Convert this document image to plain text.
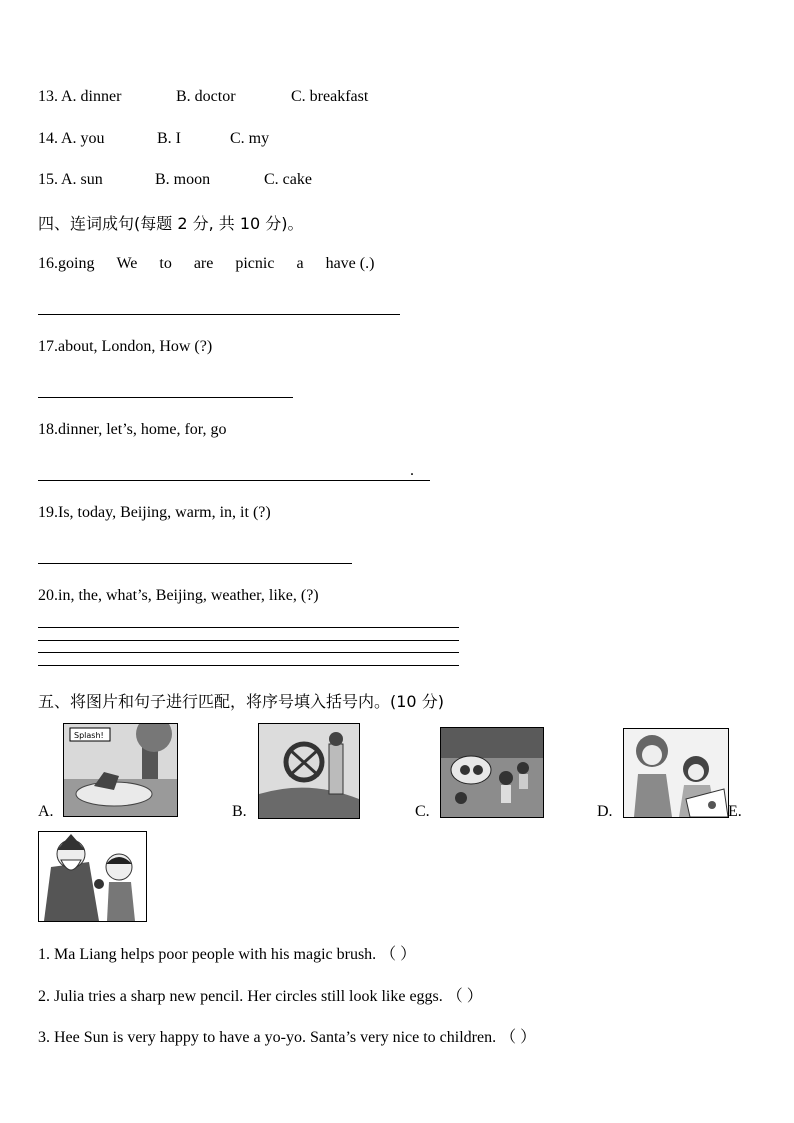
13. A. dinner	B. doctor	C. breakfast
14. A. you	B. I	C. my
15. A. sun	B. moon	C. cake
四、连词成句(每题 2 分, 共 10 分)。
16.going We to are picnic a have (.)
17.about, London, How (?)
18.dinner, let’s, home, for, go
.
19.Is, today, Beijing, warm, in, it (?)
20.in, the, what’s, Beijing, weather, like, (?)
五、将图片和句子进行匹配，将序号填入括号内。(10 分)
A.
Splash!
B.	C.	D.	E.
1. Ma Liang helps poor people with his magic brush. （ ）
2. Julia tries a sharp new pencil. Her circles still look like eggs. （ ）
3. Hee Sun is very happy to have a yo-yo. Santa’s very nice to children. （ ）
